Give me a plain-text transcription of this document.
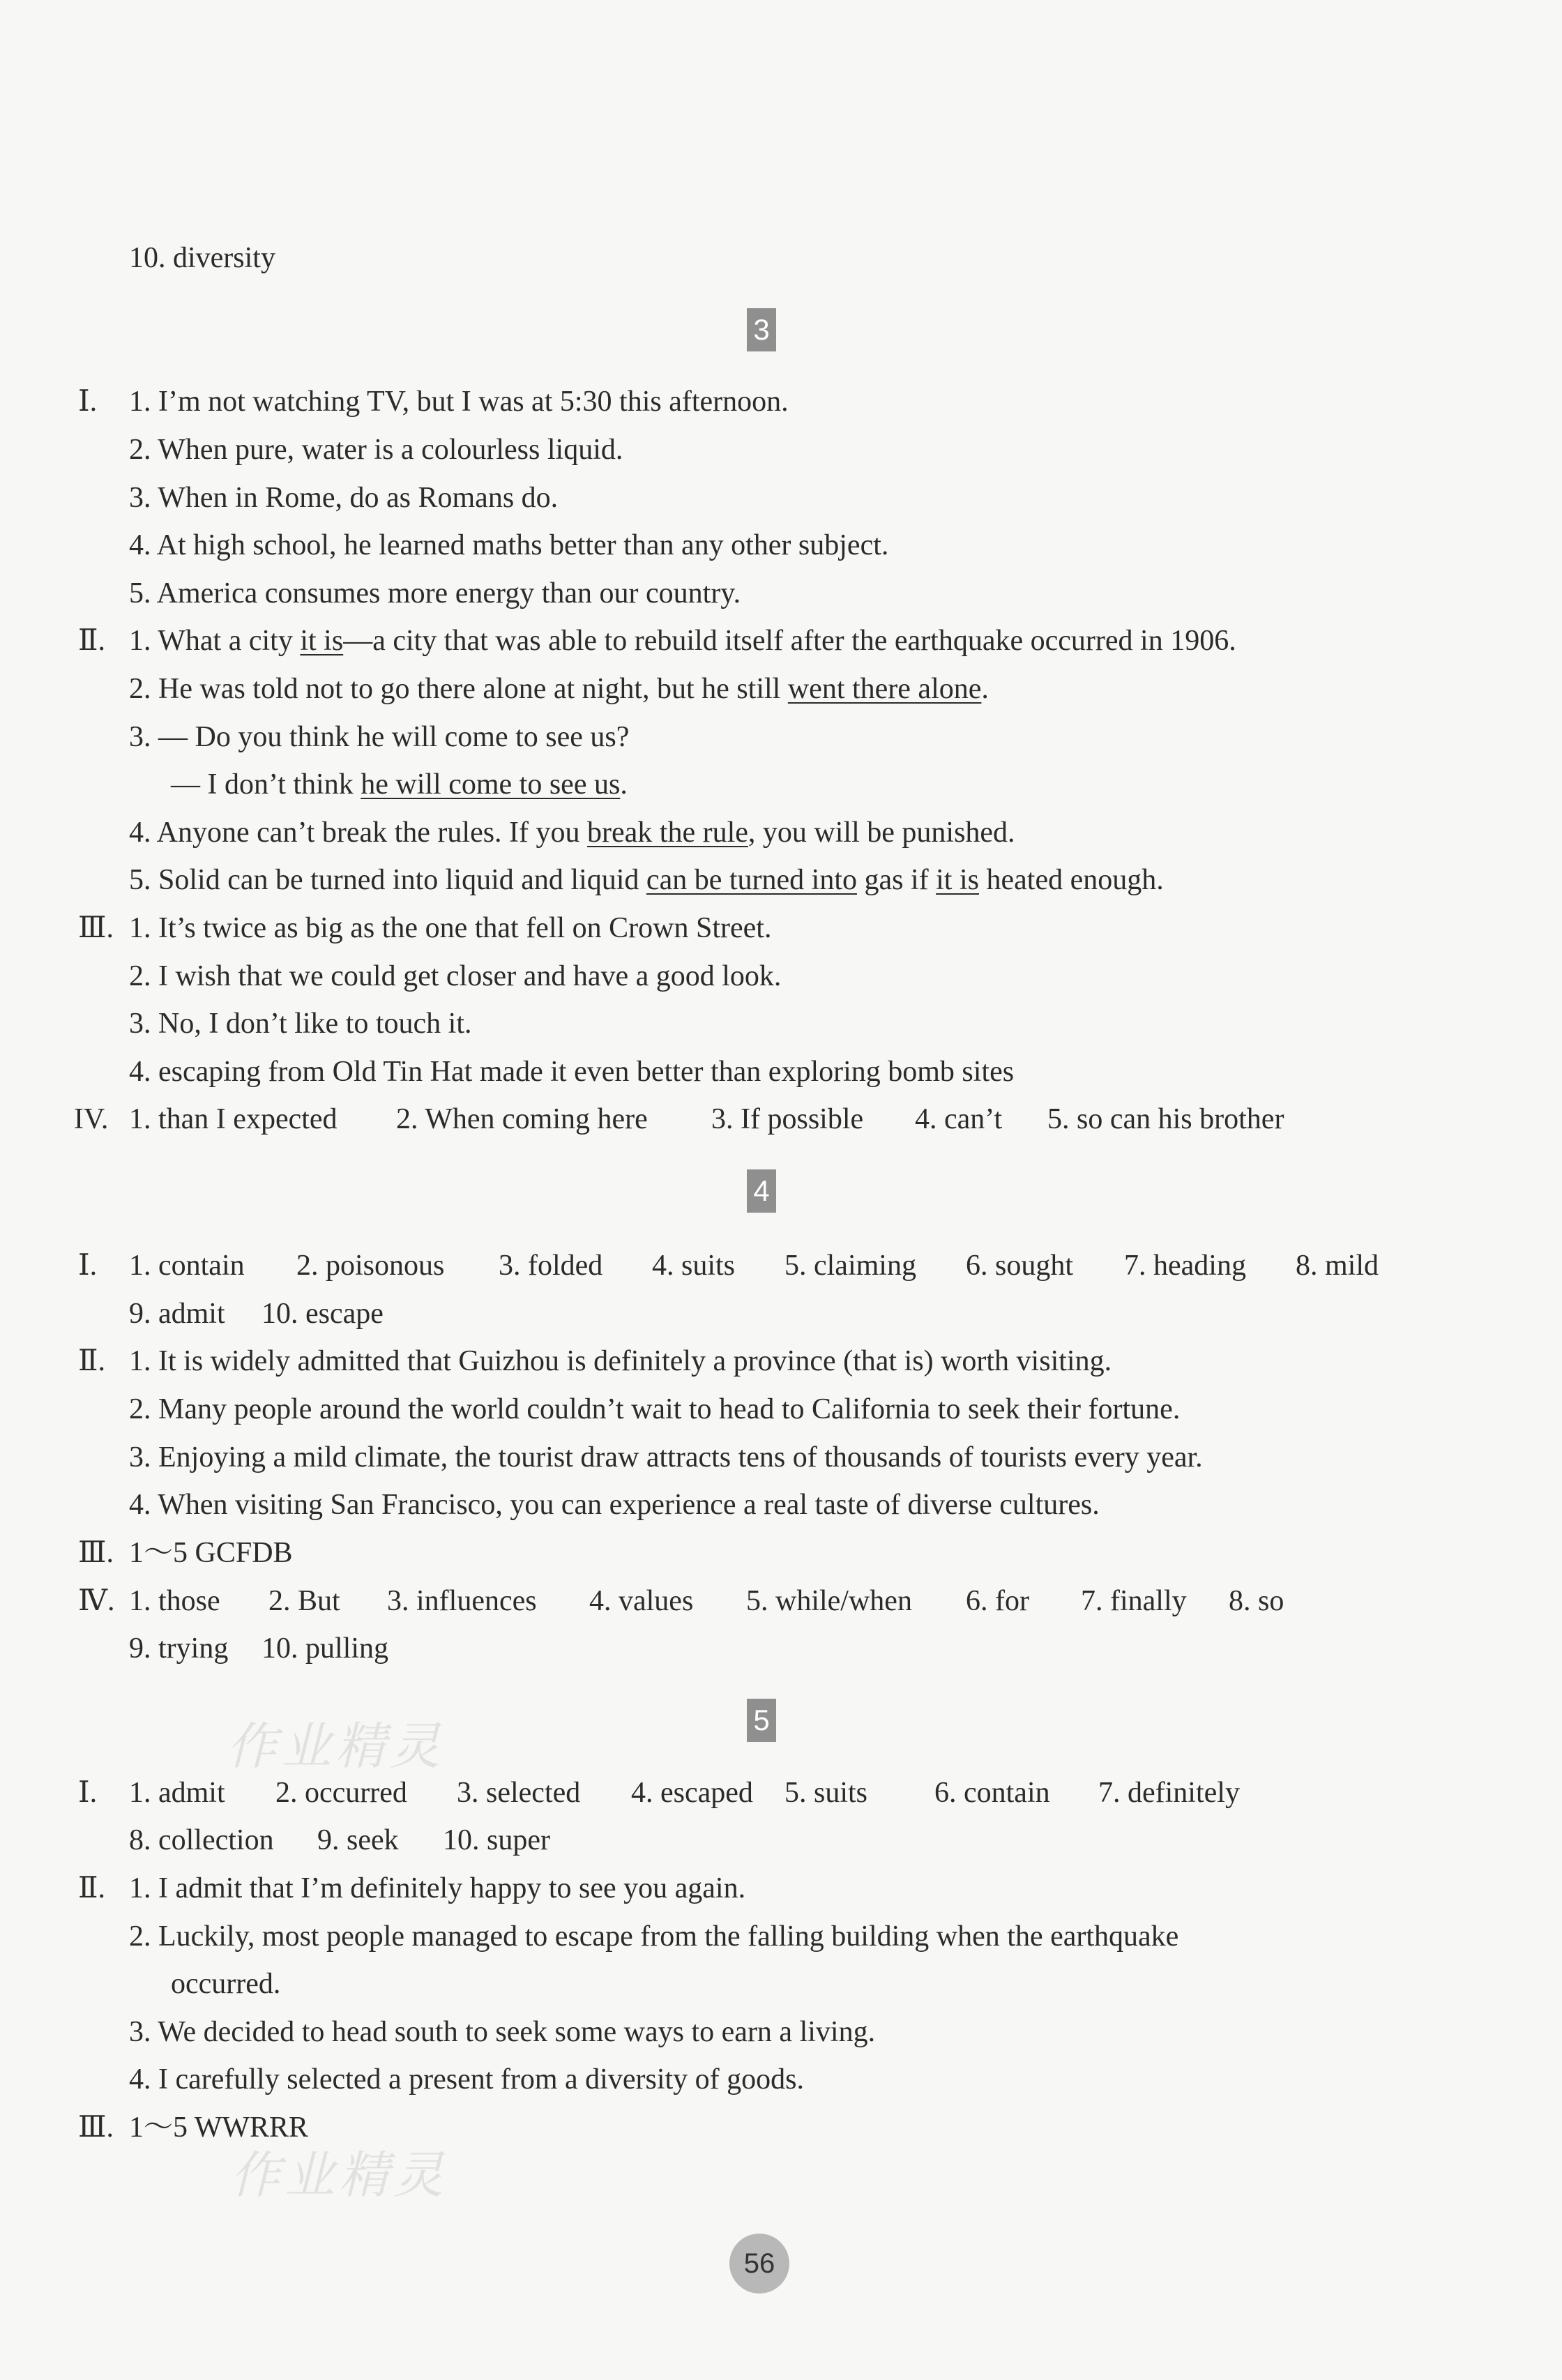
10. diversity
3
Ⅰ. 1. I’m not watching TV, but I was at 5:30 this afternoon.
2. When pure, water is a colourless liquid.
3. When in Rome, do as Romans do.
4. At high school, he learned maths better than any other subject.
5. America consumes more energy than our country.
Ⅱ. 1. What a city it is—a city that was able to rebuild itself after the earthquake occurred in 1906.
2. He was told not to go there alone at night, but he still went there alone.
3. — Do you think he will come to see us?
— I don’t think he will come to see us.
4. Anyone can’t break the rules. If you break the rule, you will be punished.
5. Solid can be turned into liquid and liquid can be turned into gas if it is heated enough.
Ⅲ. 1. It’s twice as big as the one that fell on Crown Street.
2. I wish that we could get closer and have a good look.
3. No, I don’t like to touch it.
4. escaping from Old Tin Hat made it even better than exploring bomb sites
IV. 1. than I expected 2. When coming here 3. If possible 4. can’t 5. so can his brother
4
Ⅰ. 1. contain 2. poisonous 3. folded 4. suits 5. claiming 6. sought 7. heading 8. mild
9. admit 10. escape
Ⅱ. 1. It is widely admitted that Guizhou is definitely a province (that is) worth visiting.
2. Many people around the world couldn’t wait to head to California to seek their fortune.
3. Enjoying a mild climate, the tourist draw attracts tens of thousands of tourists every year.
4. When visiting San Francisco, you can experience a real taste of diverse cultures.
Ⅲ. 1～5 GCFDB
Ⅳ. 1. those 2. But 3. influences 4. values 5. while/when 6. for 7. finally 8. so
9. trying 10. pulling
5
Ⅰ. 1. admit 2. occurred 3. selected 4. escaped 5. suits 6. contain 7. definitely
8. collection 9. seek 10. super
Ⅱ. 1. I admit that I’m definitely happy to see you again.
2. Luckily, most people managed to escape from the falling building when the earthquake
occurred.
3. We decided to head south to seek some ways to earn a living.
4. I carefully selected a present from a diversity of goods.
Ⅲ. 1～5 WWRRR
作业精灵
作业精灵
56
